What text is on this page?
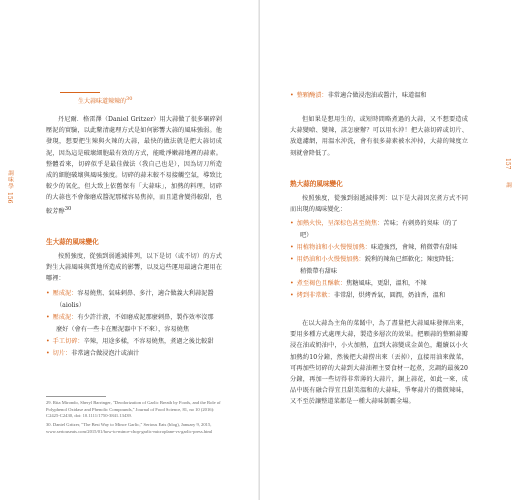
生大蒜味道辣辣的$^{30}$
調味學
156
丹尼爾．格雷澤（Daniel Gritzer）用大蒜做了很多碾碎剁壓泥的實驗，以此釐清處理方式是如何影響大蒜的風味強弱。他發現，想要把生辣與火辣的大蒜，最快的做法就是把大蒜切成泥，因為這是破壞細胞最有效的方式，能毗淨嫩蒜地裡的蒜素。整體看來，切碎似乎是最佳做法（我自己也是），因為切刀所造成的細胞破壞與風味強度。切碎的蒜末較不易接觸空氣，導致比較少的氧化，但大致上依舊保有「大蒜味」，加熱的料理，切碎的大蒜也不會像磨成醬泥那樣容易焦掉，而且還會變得較甜，也較芳醇$^{30}$
生大蒜的風味變化
按照強度，從強到弱遞減排列，以下是切（或不切）的方式對生大蒜風味與質地所造成的影響，以及這些運用最適合運用在哪裡：
• 壓成泥：容易燒焦、氣味刺鼻、多汁，適合做義大利蒜泥醬
（aiolis）
• 壓成泥：有少許汁液，不如磨成泥那麼刺鼻，製作效率沒那
麼好（會有一些卡在壓泥器中下不來），容易燒焦
• 手工切碎：辛辣，用途多樣，不容易燒焦，煮過之後比較甜
• 切片：非常適合做浸泡汁或滷汁
29. Rita Mirondo, Sheryl Barringer, "Deodorization of Garlic Breath by Foods, and the Role of Polyphenol Oxidase and Phenolic Compounds," Journal of Food Science, 81, no 10 (2016): C2425-C2430, doi: 10.1111/1750-3841.13439.
30. Daniel Gritzer, "The Best Way to Mince Garlic," Serious Eats (blog), January 9, 2015, www.seriouseats.com/2015/01/how-to-mince-chop-garlic-microplane-vs-garlic-press.html
調
157
• 整顆醃漬：非常適合做浸泡油或醬汁，味道溫和
但如果是想用生的，或短時間略煮過的大蒜，又不想要造成大蒜變嗆、變辣，該怎麼辦？可以用水沖！把大蒜切碎或切片、放進濾網，用溫水沖洗，會有很多蒜素被水沖掉，大蒜的辣度立刻就會降低了。
熟大蒜的風味變化
按照強度，從強到弱遞減排列：以下是大蒜因烹煮方式不同而出現的風味變化：
• 加熱火快，呈深棕色甚至燒焦：苦味；有刺鼻的臭味（的了
吧）
• 用植物油和小火慢慢加熱：味道強烈，會辣，稍微帶有甜味
• 用奶油和小火慢慢加熱：鋭利的辣角已經軟化；辣度降低；
稍微帶有甜味
• 煮至褐色且酥軟：焦糖風味，更甜，溫和，不辣
• 烤到非常軟：非常甜，烘烤香氣，圓潤，奶油香，溫和
在以大蒜為主角的菜餚中，為了盡量把大蒜風味發揮出來，要用多種方式處理大蒜，製造多層次的效果。把顆蒜的整顆蒜瓣浸在油或奶油中，小火加熱，直到大蒜變成金黃色，繼續以小火加熱約10分鐘，然後把大蒜撈出來（丟掉），直接用油來做菜，可再加些切碎的大蒜到大蒜油裡主要食材一起煮，烹調約最後20分鐘，再加一些切得非常薄的大蒜片，銅上蒜花，如此一來，成品中既有融合得宜且甜美溫和的大蒜味，爭奪蒜片的微微辣味，又不至於讓整道菜都是一種大蒜味制霸全場。
